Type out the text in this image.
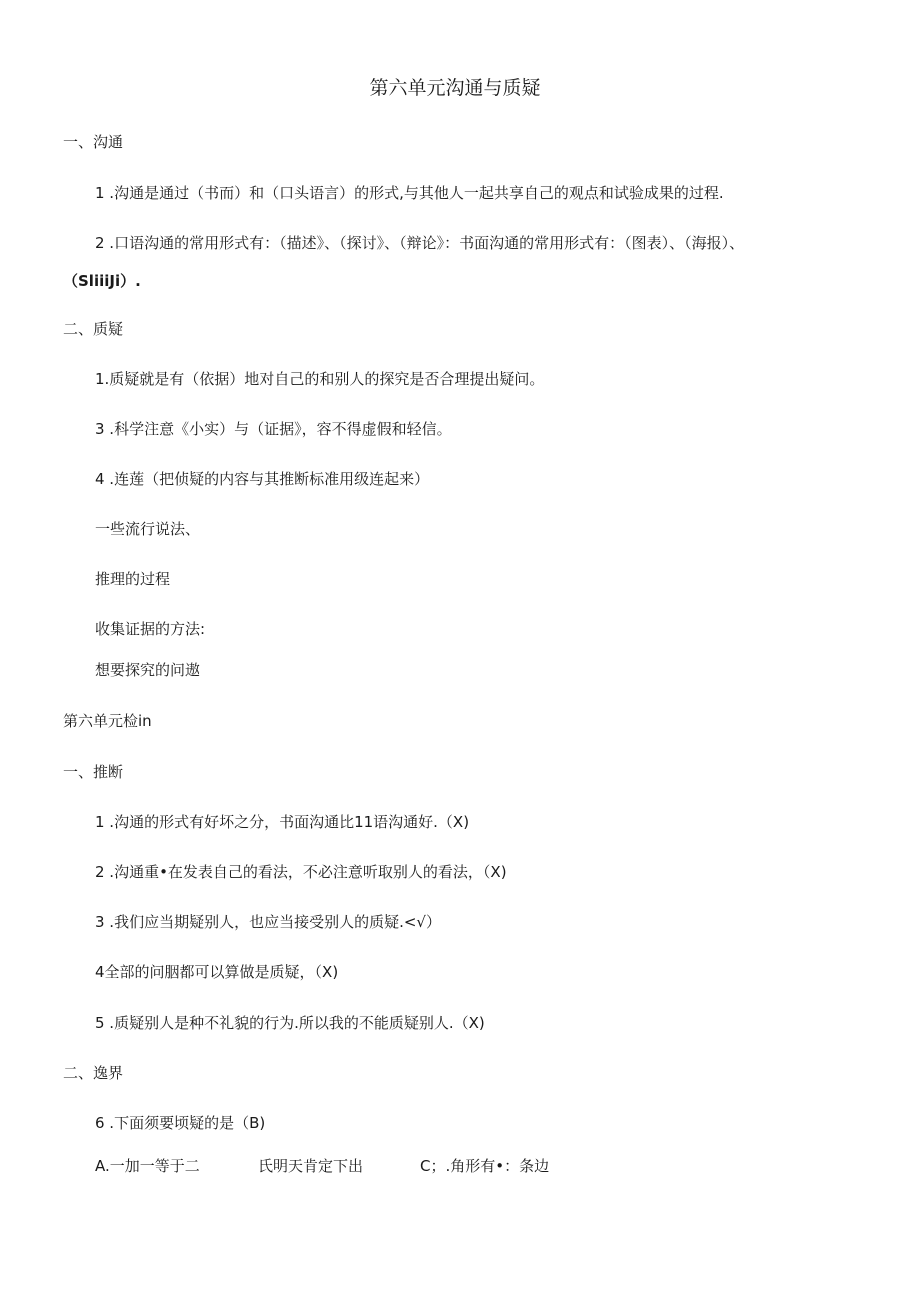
第六单元沟通与质疑
一、沟通
1 .沟通是通过（书而）和（口头语言）的形式,与其他人一起共享自己的观点和试验成果的过程.
2 .口语沟通的常用形式有：（描述》、（探讨》、（辩论》：书面沟通的常用形式有：（图表）、（海报）、
（SliiiJi）.
二、质疑
1.质疑就是有（依据）地对自己的和别人的探究是否合理提出疑问。
3 .科学注意《小实）与（证据》，容不得虚假和轻信。
4 .连莲（把侦疑的内容与其推断标准用级连起来）
一些流行说法、
推理的过程
收集证据的方法:
想要探究的问遨
第六单元检in
一、推断
1 .沟通的形式有好坏之分，书面沟通比11语沟通好.（X)
2 .沟通重•在发表自己的看法，不必注意听取别人的看法，（X)
3 .我们应当期疑别人，也应当接受别人的质疑.<√）
4全部的问胭都可以算做是质疑，（X)
5 .质疑别人是种不礼貌的行为.所以我的不能质疑别人.（X)
二、逸界
6 .下面须要顷疑的是（B)
A.一加一等于二	氏明天肯定下出	C；.角形有•：条边
